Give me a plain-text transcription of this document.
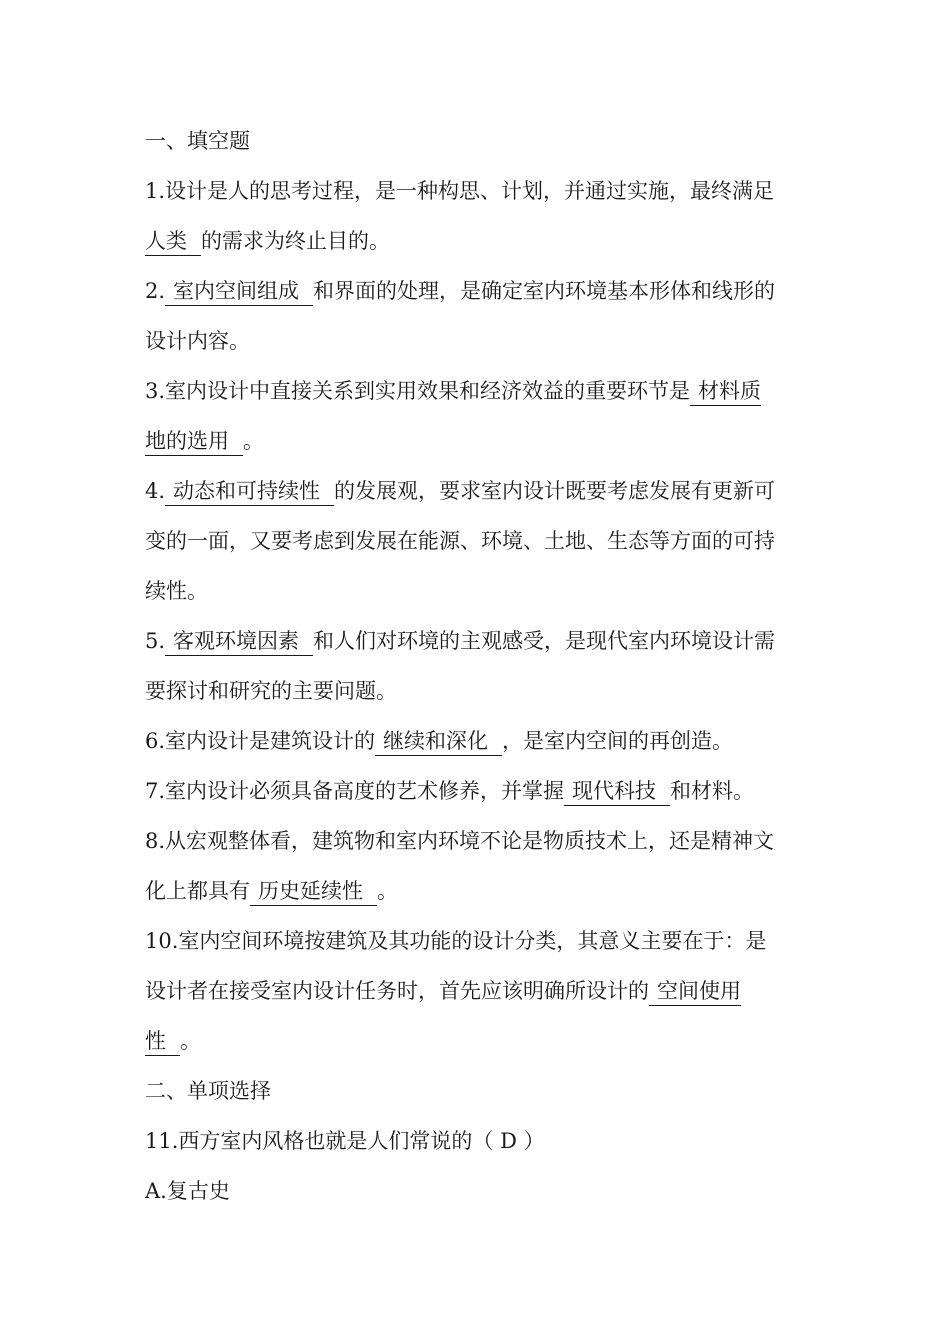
一、填空题
1.设计是人的思考过程，是一种构思、计划，并通过实施，最终满足
人类 的需求为终止目的。
2. 室内空间组成 和界面的处理，是确定室内环境基本形体和线形的
设计内容。
3.室内设计中直接关系到实用效果和经济效益的重要环节是 材料质
地的选用 。
4. 动态和可持续性 的发展观，要求室内设计既要考虑发展有更新可
变的一面，又要考虑到发展在能源、环境、土地、生态等方面的可持
续性。
5. 客观环境因素 和人们对环境的主观感受，是现代室内环境设计需
要探讨和研究的主要问题。
6.室内设计是建筑设计的 继续和深化 ，是室内空间的再创造。
7.室内设计必须具备高度的艺术修养，并掌握 现代科技 和材料。
8.从宏观整体看，建筑物和室内环境不论是物质技术上，还是精神文
化上都具有 历史延续性 。
10.室内空间环境按建筑及其功能的设计分类，其意义主要在于：是
设计者在接受室内设计任务时，首先应该明确所设计的 空间使用
性 。
二、单项选择
11.西方室内风格也就是人们常说的（ D ）
A.复古史
